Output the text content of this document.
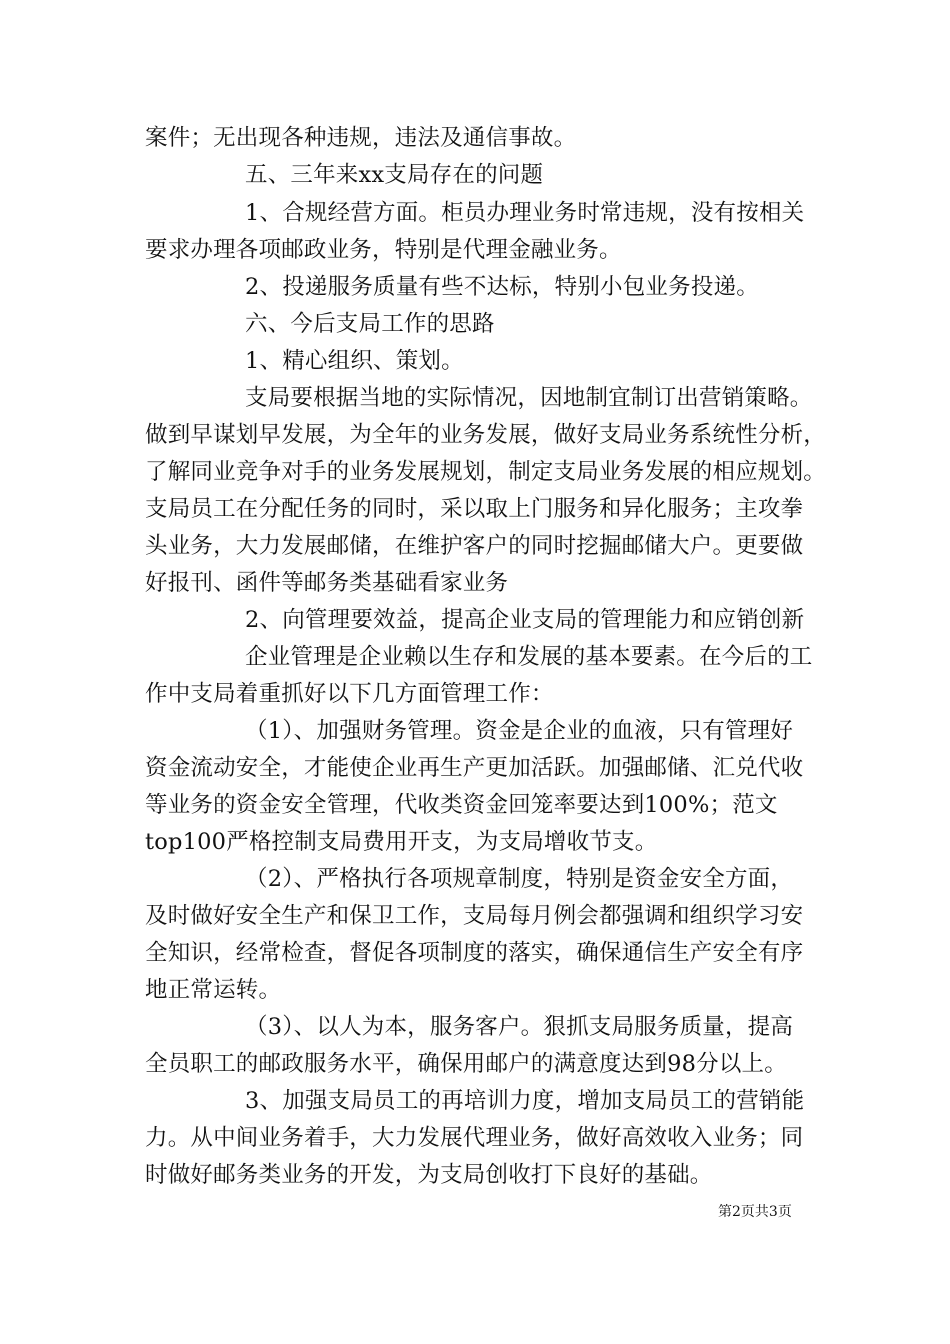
案件；无出现各种违规，违法及通信事故。
五、三年来xx支局存在的问题
1、合规经营方面。柜员办理业务时常违规，没有按相关
要求办理各项邮政业务，特别是代理金融业务。
2、投递服务质量有些不达标，特别小包业务投递。
六、今后支局工作的思路
1、精心组织、策划。
支局要根据当地的实际情况，因地制宜制订出营销策略。
做到早谋划早发展，为全年的业务发展，做好支局业务系统性分析，
了解同业竞争对手的业务发展规划，制定支局业务发展的相应规划。
支局员工在分配任务的同时，采以取上门服务和异化服务；主攻拳
头业务，大力发展邮储，在维护客户的同时挖掘邮储大户。更要做
好报刊、函件等邮务类基础看家业务
2、向管理要效益，提高企业支局的管理能力和应销创新
企业管理是企业赖以生存和发展的基本要素。在今后的工
作中支局着重抓好以下几方面管理工作：
（1）、加强财务管理。资金是企业的血液，只有管理好
资金流动安全，才能使企业再生产更加活跃。加强邮储、汇兑代收
等业务的资金安全管理，代收类资金回笼率要达到100%；范文
top100严格控制支局费用开支，为支局增收节支。
（2）、严格执行各项规章制度，特别是资金安全方面，
及时做好安全生产和保卫工作，支局每月例会都强调和组织学习安
全知识，经常检查，督促各项制度的落实，确保通信生产安全有序
地正常运转。
（3）、以人为本，服务客户。狠抓支局服务质量，提高
全员职工的邮政服务水平，确保用邮户的满意度达到98分以上。
3、加强支局员工的再培训力度，增加支局员工的营销能
力。从中间业务着手，大力发展代理业务，做好高效收入业务；同
时做好邮务类业务的开发，为支局创收打下良好的基础。
第2页共3页
